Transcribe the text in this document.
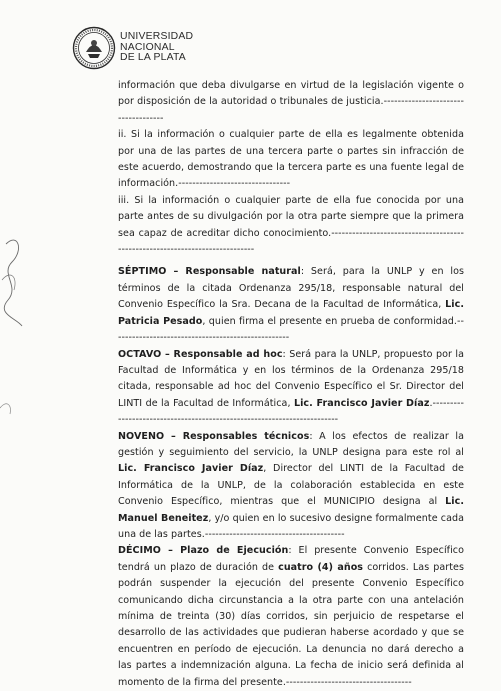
UNIVERSIDAD
NACIONAL
DE LA PLATA

información que deba divulgarse en virtud de la legislación vigente o por disposición de la autoridad o tribunales de justicia.------------------------------------

ii. Si la información o cualquier parte de ella es legalmente obtenida por una de las partes de una tercera parte o partes sin infracción de este acuerdo, demostrando que la tercera parte es una fuente legal de información.--------------------------------

iii. Si la información o cualquier parte de ella fue conocida por una parte antes de su divulgación por la otra parte siempre que la primera sea capaz de acreditar dicho conocimiento.-----------------------------------------------------------------------------

SÉPTIMO – Responsable natural: Será, para la UNLP y en los términos de la citada Ordenanza 295/18, responsable natural del Convenio Específico la Sra. Decana de la Facultad de Informática, Lic. Patricia Pesado, quien firma el presente en prueba de conformidad.---------------------------------------------------

OCTAVO – Responsable ad hoc: Será para la UNLP, propuesto por la Facultad de Informática y en los términos de la Ordenanza 295/18 citada, responsable ad hoc del Convenio Específico el Sr. Director del LINTI de la Facultad de Informática, Lic. Francisco Javier Díaz.------------------------------------------------------------------------

NOVENO – Responsables técnicos: A los efectos de realizar la gestión y seguimiento del servicio, la UNLP designa para este rol al Lic. Francisco Javier Díaz, Director del LINTI de la Facultad de Informática de la UNLP, de la colaboración establecida en este Convenio Específico, mientras que el MUNICIPIO designa al Lic. Manuel Beneitez, y/o quien en lo sucesivo designe formalmente cada una de las partes.----------------------------------------

DÉCIMO – Plazo de Ejecución: El presente Convenio Específico tendrá un plazo de duración de cuatro (4) años corridos. Las partes podrán suspender la ejecución del presente Convenio Específico comunicando dicha circunstancia a la otra parte con una antelación mínima de treinta (30) días corridos, sin perjuicio de respetarse el desarrollo de las actividades que pudieran haberse acordado y que se encuentren en período de ejecución. La denuncia no dará derecho a las partes a indemnización alguna. La fecha de inicio será definida al momento de la firma del presente.------------------------------------
